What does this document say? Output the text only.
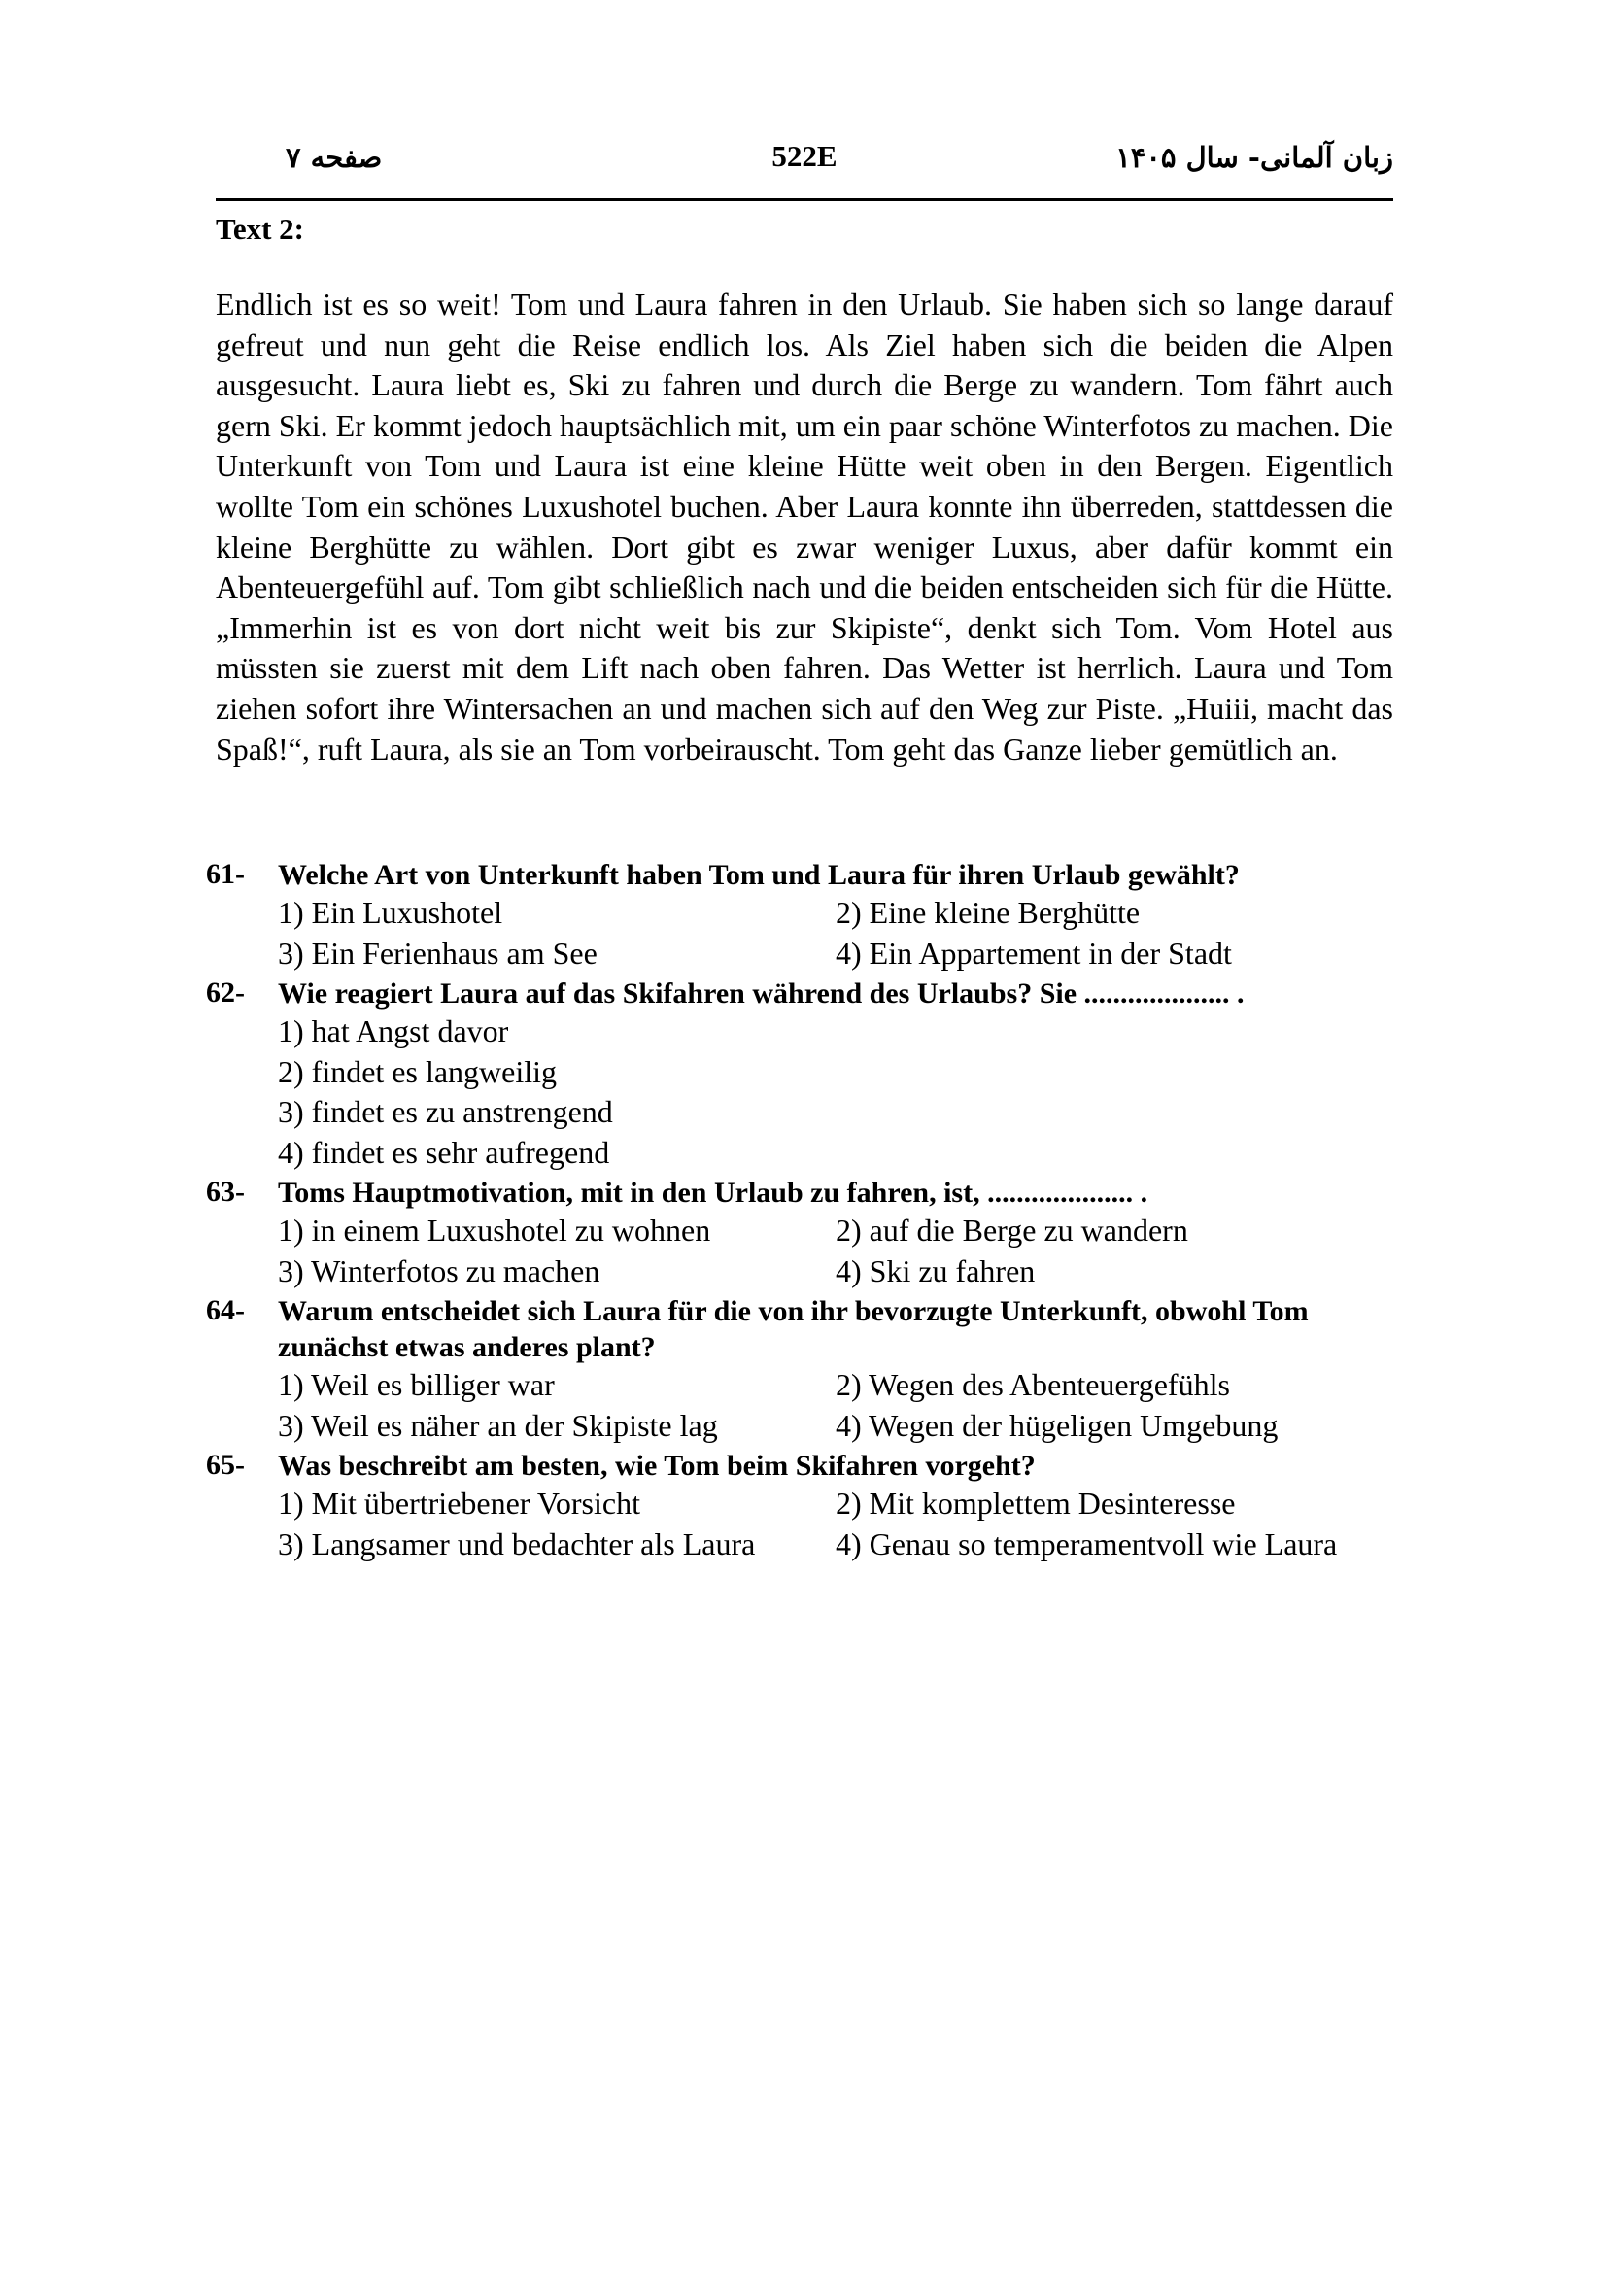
صفحه ۷	522E	زبان آلمانی- سال ۱۴۰۵
Text 2:

Endlich ist es so weit! Tom und Laura fahren in den Urlaub. Sie haben sich so lange darauf gefreut und nun geht die Reise endlich los. Als Ziel haben sich die beiden die Alpen ausgesucht. Laura liebt es, Ski zu fahren und durch die Berge zu wandern. Tom fährt auch gern Ski. Er kommt jedoch hauptsächlich mit, um ein paar schöne Winterfotos zu machen. Die Unterkunft von Tom und Laura ist eine kleine Hütte weit oben in den Bergen. Eigentlich wollte Tom ein schönes Luxushotel buchen. Aber Laura konnte ihn überreden, stattdessen die kleine Berghütte zu wählen. Dort gibt es zwar weniger Luxus, aber dafür kommt ein Abenteuergefühl auf. Tom gibt schließlich nach und die beiden entscheiden sich für die Hütte. „Immerhin ist es von dort nicht weit bis zur Skipiste“, denkt sich Tom. Vom Hotel aus müssten sie zuerst mit dem Lift nach oben fahren. Das Wetter ist herrlich. Laura und Tom ziehen sofort ihre Wintersachen an und machen sich auf den Weg zur Piste. „Huiii, macht das Spaß!“, ruft Laura, als sie an Tom vorbeirauscht. Tom geht das Ganze lieber gemütlich an.

61- Welche Art von Unterkunft haben Tom und Laura für ihren Urlaub gewählt?
1) Ein Luxushotel	2) Eine kleine Berghütte
3) Ein Ferienhaus am See	4) Ein Appartement in der Stadt
62- Wie reagiert Laura auf das Skifahren während des Urlaubs? Sie .................... .
1) hat Angst davor
2) findet es langweilig
3) findet es zu anstrengend
4) findet es sehr aufregend
63- Toms Hauptmotivation, mit in den Urlaub zu fahren, ist, .................... .
1) in einem Luxushotel zu wohnen	2) auf die Berge zu wandern
3) Winterfotos zu machen	4) Ski zu fahren
64- Warum entscheidet sich Laura für die von ihr bevorzugte Unterkunft, obwohl Tom zunächst etwas anderes plant?
1) Weil es billiger war	2) Wegen des Abenteuergefühls
3) Weil es näher an der Skipiste lag	4) Wegen der hügeligen Umgebung
65- Was beschreibt am besten, wie Tom beim Skifahren vorgeht?
1) Mit übertriebener Vorsicht	2) Mit komplettem Desinteresse
3) Langsamer und bedachter als Laura	4) Genau so temperamentvoll wie Laura
